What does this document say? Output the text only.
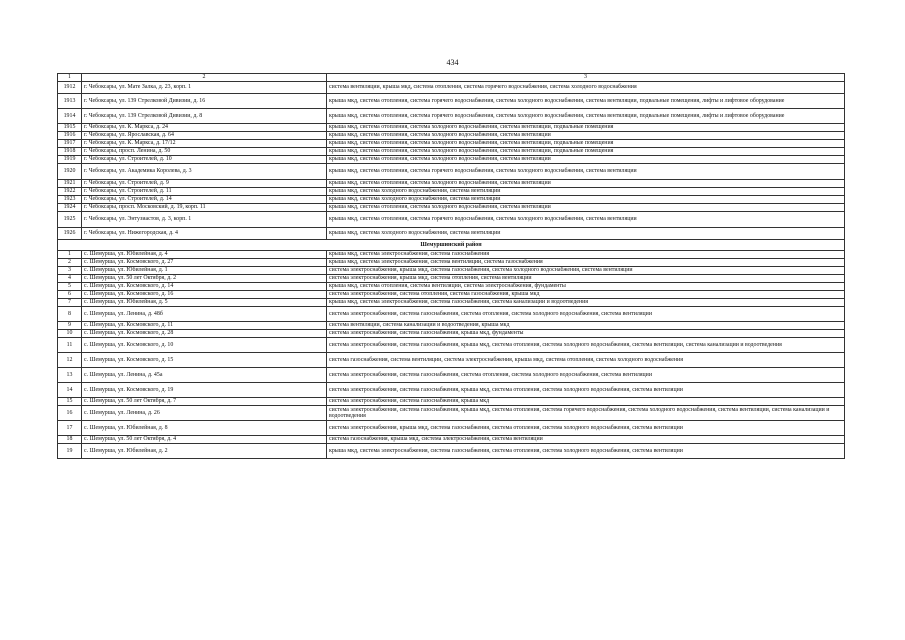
434
1	2	3
1912	г. Чебоксары, ул. Мате Залка, д. 23, корп. 1	система вентиляции, крыша мкд, система отопления, система горячего водоснабжения, система холодного водоснабжения
1913	г. Чебоксары, ул. 139 Стрелковой Дивизии, д. 16	крыша мкд, система отопления, система горячего водоснабжения, система холодного водоснабжения, система вентиляции, подвальные помещения, лифты и лифтовое оборудование
1914	г. Чебоксары, ул. 139 Стрелковой Дивизии, д. 8	крыша мкд, система отопления, система горячего водоснабжения, система холодного водоснабжения, система вентиляции, подвальные помещения, лифты и лифтовое оборудование
1915	г. Чебоксары, ул. К. Маркса, д. 24	крыша мкд, система отопления, система холодного водоснабжения, система вентиляции, подвальные помещения
1916	г. Чебоксары, ул. Ярославская, д. 64	крыша мкд, система отопления, система холодного водоснабжения, система вентиляции
1917	г. Чебоксары, ул. К. Маркса, д. 17/12	крыша мкд, система отопления, система холодного водоснабжения, система вентиляции, подвальные помещения
1918	г. Чебоксары, просп. Ленина, д. 50	крыша мкд, система отопления, система холодного водоснабжения, система вентиляции, подвальные помещения
1919	г. Чебоксары, ул. Строителей, д. 10	крыша мкд, система отопления, система холодного водоснабжения, система вентиляции
1920	г. Чебоксары, ул. Академика Королева, д. 3	крыша мкд, система отопления, система горячего водоснабжения, система холодного водоснабжения, система вентиляции
1921	г. Чебоксары, ул. Строителей, д. 9	крыша мкд, система отопления, система холодного водоснабжения, система вентиляции
1922	г. Чебоксары, ул. Строителей, д. 11	крыша мкд, система холодного водоснабжения, система вентиляции
1923	г. Чебоксары, ул. Строителей, д. 14	крыша мкд, система холодного водоснабжения, система вентиляции
1924	г. Чебоксары, просп. Московский, д. 19, корп. 11	крыша мкд, система отопления, система холодного водоснабжения, система вентиляции
1925	г. Чебоксары, ул. Энтузиастов, д. 3, корп. 1	крыша мкд, система отопления, система горячего водоснабжения, система холодного водоснабжения, система вентиляции
1926	г. Чебоксары, ул. Нижегородская, д. 4	крыша мкд, система холодного водоснабжения, система вентиляции
Шемуршинский район		
1	с. Шемурша, ул. Юбилейная, д. 4	крыша мкд, система электроснабжения, система газоснабжения
2	с. Шемурша, ул. Космовского, д. 27	крыша мкд, система электроснабжения, система вентиляции, система газоснабжения
3	с. Шемурша, ул. Юбилейная, д. 1	система электроснабжения, крыша мкд, система газоснабжения, система холодного водоснабжения, система вентиляции
4	с. Шемурша, ул. 50 лет Октября, д. 2	система электроснабжения, крыша мкд, система отопления, система вентиляции
5	с. Шемурша, ул. Космовского, д. 14	крыша мкд, система отопления, система вентиляции, система электроснабжения, фундаменты
6	с. Шемурша, ул. Космовского, д. 16	система электроснабжения, система отопления, система газоснабжения, крыша мкд
7	с. Шемурша, ул. Юбилейная, д. 5	крыша мкд, система электроснабжения, система газоснабжения, система канализации и водоотведения
8	с. Шемурша, ул. Ленина, д. 48б	система электроснабжения, система газоснабжения, система отопления, система холодного водоснабжения, система вентиляции
9	с. Шемурша, ул. Космовского, д. 11	система вентиляции, система канализации и водоотведения, крыша мкд
10	с. Шемурша, ул. Космовского, д. 28	система электроснабжения, система газоснабжения, крыша мкд, фундаменты
11	с. Шемурша, ул. Космовского, д. 10	система электроснабжения, система газоснабжения, крыша мкд, система отопления, система холодного водоснабжения, система вентиляции, система канализации и водоотведения
12	с. Шемурша, ул. Космовского, д. 15	система газоснабжения, система вентиляции, система электроснабжения, крыша мкд, система отопления, система холодного водоснабжения
13	с. Шемурша, ул. Ленина, д. 45а	система электроснабжения, система газоснабжения, система отопления, система холодного водоснабжения, система вентиляции
14	с. Шемурша, ул. Космовского, д. 19	система электроснабжения, система газоснабжения, крыша мкд, система отопления, система холодного водоснабжения, система вентиляции
15	с. Шемурша, ул. 50 лет Октября, д. 7	система электроснабжения, система газоснабжения, крыша мкд
16	с. Шемурша, ул. Ленина, д. 26	система электроснабжения, система газоснабжения, крыша мкд, система отопления, система горячего водоснабжения, система холодного водоснабжения, система вентиляции, система канализации и водоотведения
17	с. Шемурша, ул. Юбилейная, д. 8	система электроснабжения, крыша мкд, система газоснабжения, система отопления, система холодного водоснабжения, система вентиляции
18	с. Шемурша, ул. 50 лет Октября, д. 4	система газоснабжения, крыша мкд, система электроснабжения, система вентиляции
19	с. Шемурша, ул. Юбилейная, д. 2	крыша мкд, система электроснабжения, система газоснабжения, система отопления, система холодного водоснабжения, система вентиляции
